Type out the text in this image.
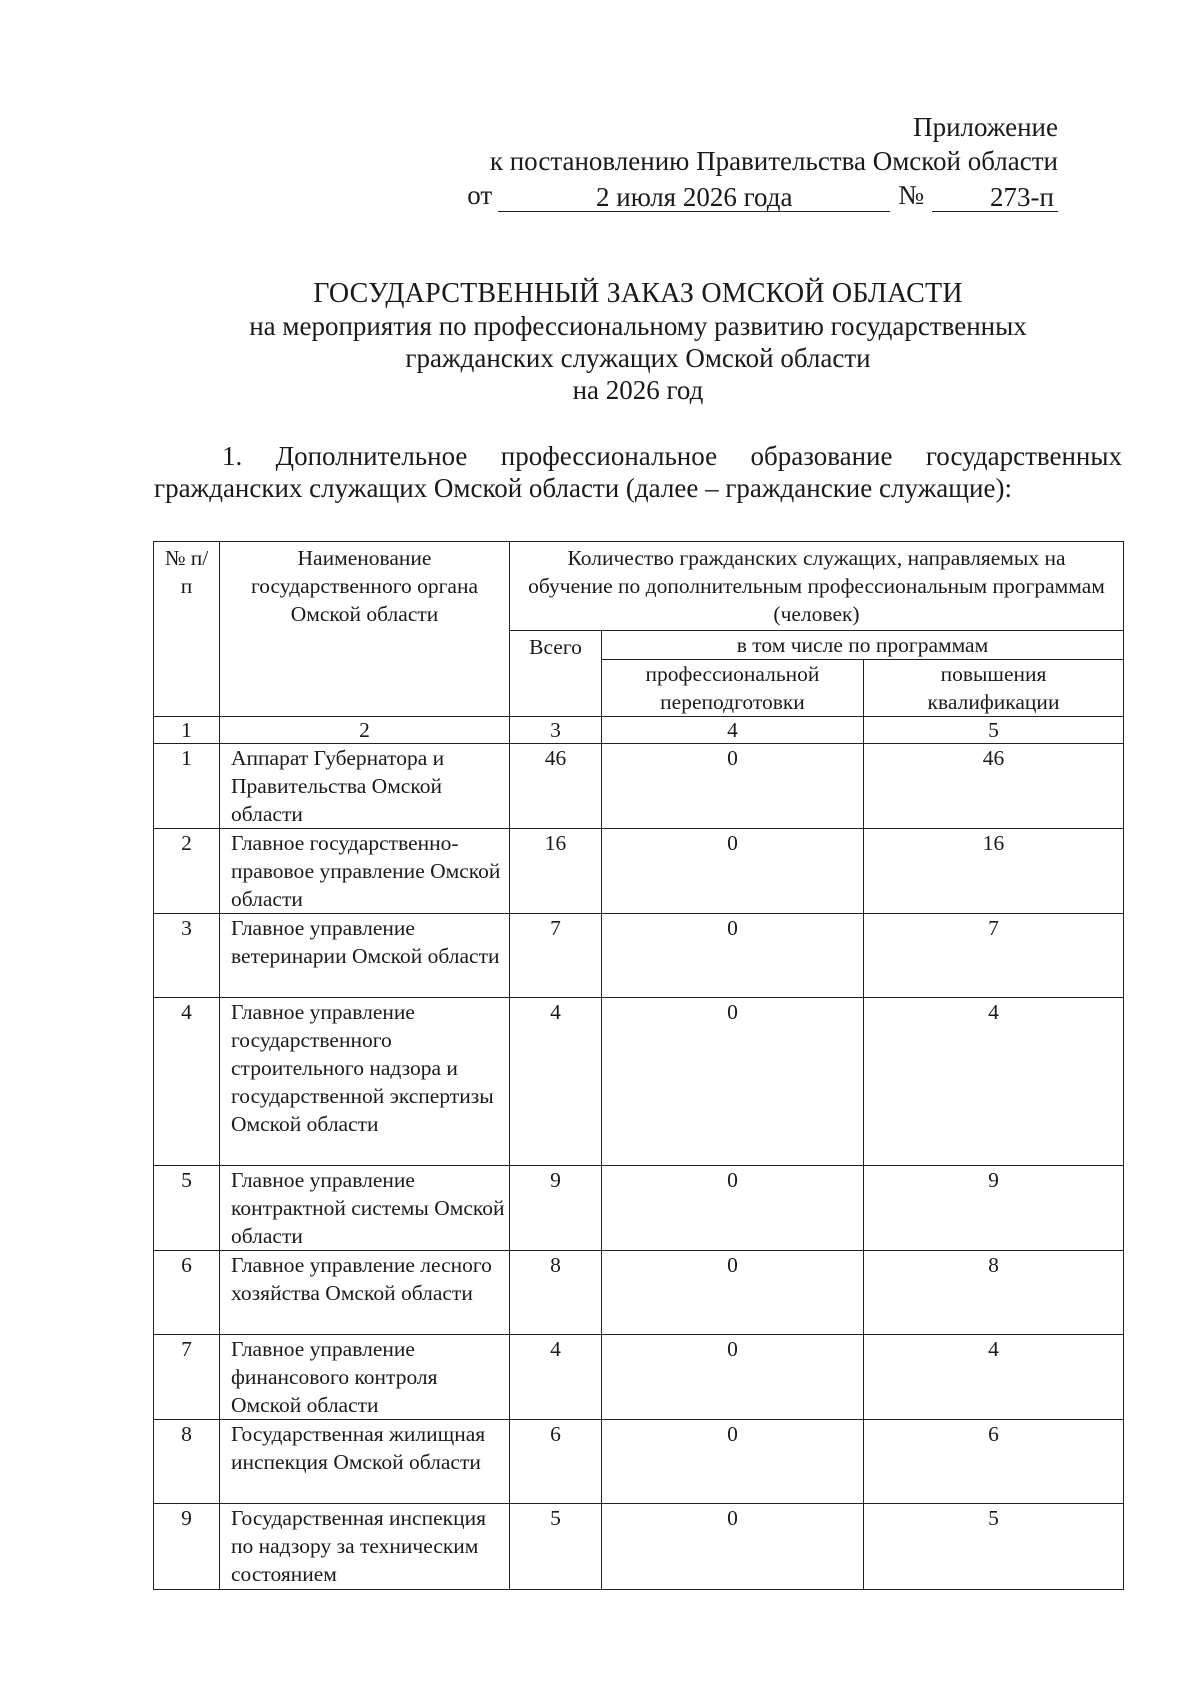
Приложение
к постановлению Правительства Омской области
от	2 июля 2026 года	№	273-п
ГОСУДАРСТВЕННЫЙ ЗАКАЗ ОМСКОЙ ОБЛАСТИ
на мероприятия по профессиональному развитию государственных
гражданских служащих Омской области
на 2026 год
1. Дополнительное профессиональное образование государственных гражданских служащих Омской области (далее – гражданские служащие):
№ п/п	Наименование государственного органа Омской области	Количество гражданских служащих, направляемых на обучение по дополнительным профессиональным программам (человек)		
		Всего	в том числе по программам	
			профессиональной переподготовки	повышения квалификации
1	2	3	4	5
1	Аппарат Губернатора и Правительства Омской области	46	0	46
2	Главное государственно-правовое управление Омской области	16	0	16
3	Главное управление ветеринарии Омской области	7	0	7
4	Главное управление государственного строительного надзора и государственной экспертизы Омской области	4	0	4
5	Главное управление контрактной системы Омской области	9	0	9
6	Главное управление лесного хозяйства Омской области	8	0	8
7	Главное управление финансового контроля Омской области	4	0	4
8	Государственная жилищная инспекция Омской области	6	0	6
9	Государственная инспекция по надзору за техническим состоянием	5	0	5
